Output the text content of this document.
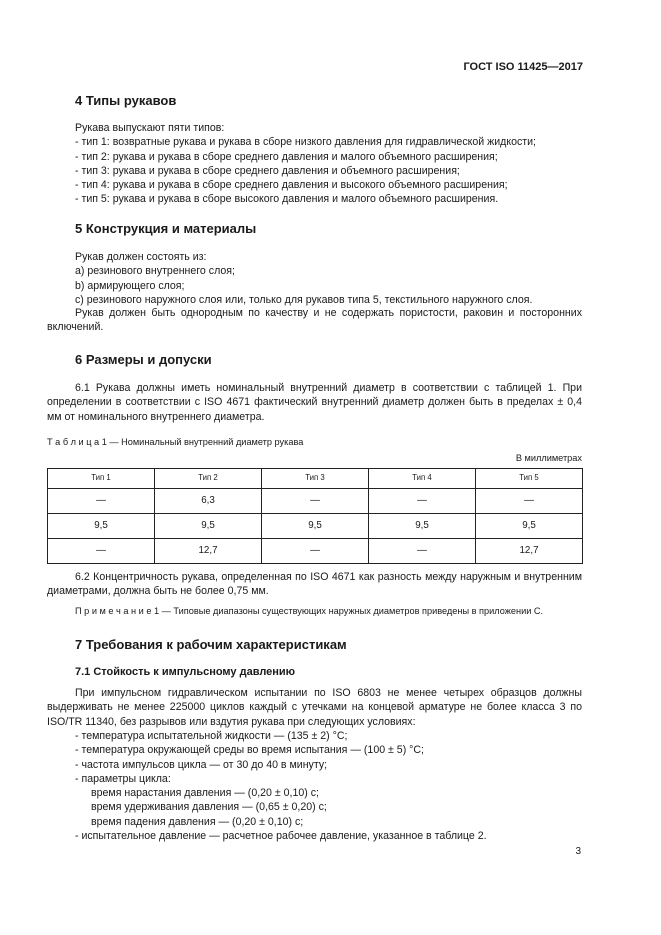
ГОСТ ISO 11425—2017

4 Типы рукавов

Рукава выпускают пяти типов:

- тип 1: возвратные рукава и рукава в сборе низкого давления для гидравлической жидкости;

- тип 2: рукава и рукава в сборе среднего давления и малого объемного расширения;

- тип 3: рукава и рукава в сборе среднего давления и объемного расширения;

- тип 4: рукава и рукава в сборе среднего давления и высокого объемного расширения;

- тип 5: рукава и рукава в сборе высокого давления и малого объемного расширения.

5 Конструкция и материалы

Рукав должен состоять из:

а) резинового внутреннего слоя;

b) армирующего слоя;

с) резинового наружного слоя или, только для рукавов типа 5, текстильного наружного слоя.

Рукав должен быть однородным по качеству и не содержать пористости, раковин и посторонних включений.

6 Размеры и допуски

6.1 Рукава должны иметь номинальный внутренний диаметр в соответствии с таблицей 1. При определении в соответствии с ISO 4671 фактический внутренний диаметр должен быть в пределах ± 0,4 мм от номинального внутреннего диаметра.
Т а б л и ц а 1 — Номинальный внутренний диаметр рукава
В миллиметрах
Тип 1	Тип 2	Тип 3	Тип 4	Тип 5
—	6,3	—	—	—
9,5	9,5	9,5	9,5	9,5
—	12,7	—	—	12,7
6.2 Концентричность рукава, определенная по ISO 4671 как разность между наружным и внутренним диаметрами, должна быть не более 0,75 мм.
П р и м е ч а н и е 1 — Типовые диапазоны существующих наружных диаметров приведены в приложении С.

7 Требования к рабочим характеристикам

7.1 Стойкость к импульсному давлению

При импульсном гидравлическом испытании по ISO 6803 не менее четырех образцов должны выдерживать не менее 225000 циклов каждый с утечками на концевой арматуре не более класса 3 по ISO/TR 11340, без разрывов или вздутия рукава при следующих условиях:

- температура испытательной жидкости — (135 ± 2) °С;

- температура окружающей среды во время испытания — (100 ± 5) °С;

- частота импульсов цикла — от 30 до 40 в минуту;

- параметры цикла:

время нарастания давления — (0,20 ± 0,10) с;

время удерживания давления — (0,65 ± 0,20) с;

время падения давления — (0,20 ± 0,10) с;

- испытательное давление — расчетное рабочее давление, указанное в таблице 2.

3
